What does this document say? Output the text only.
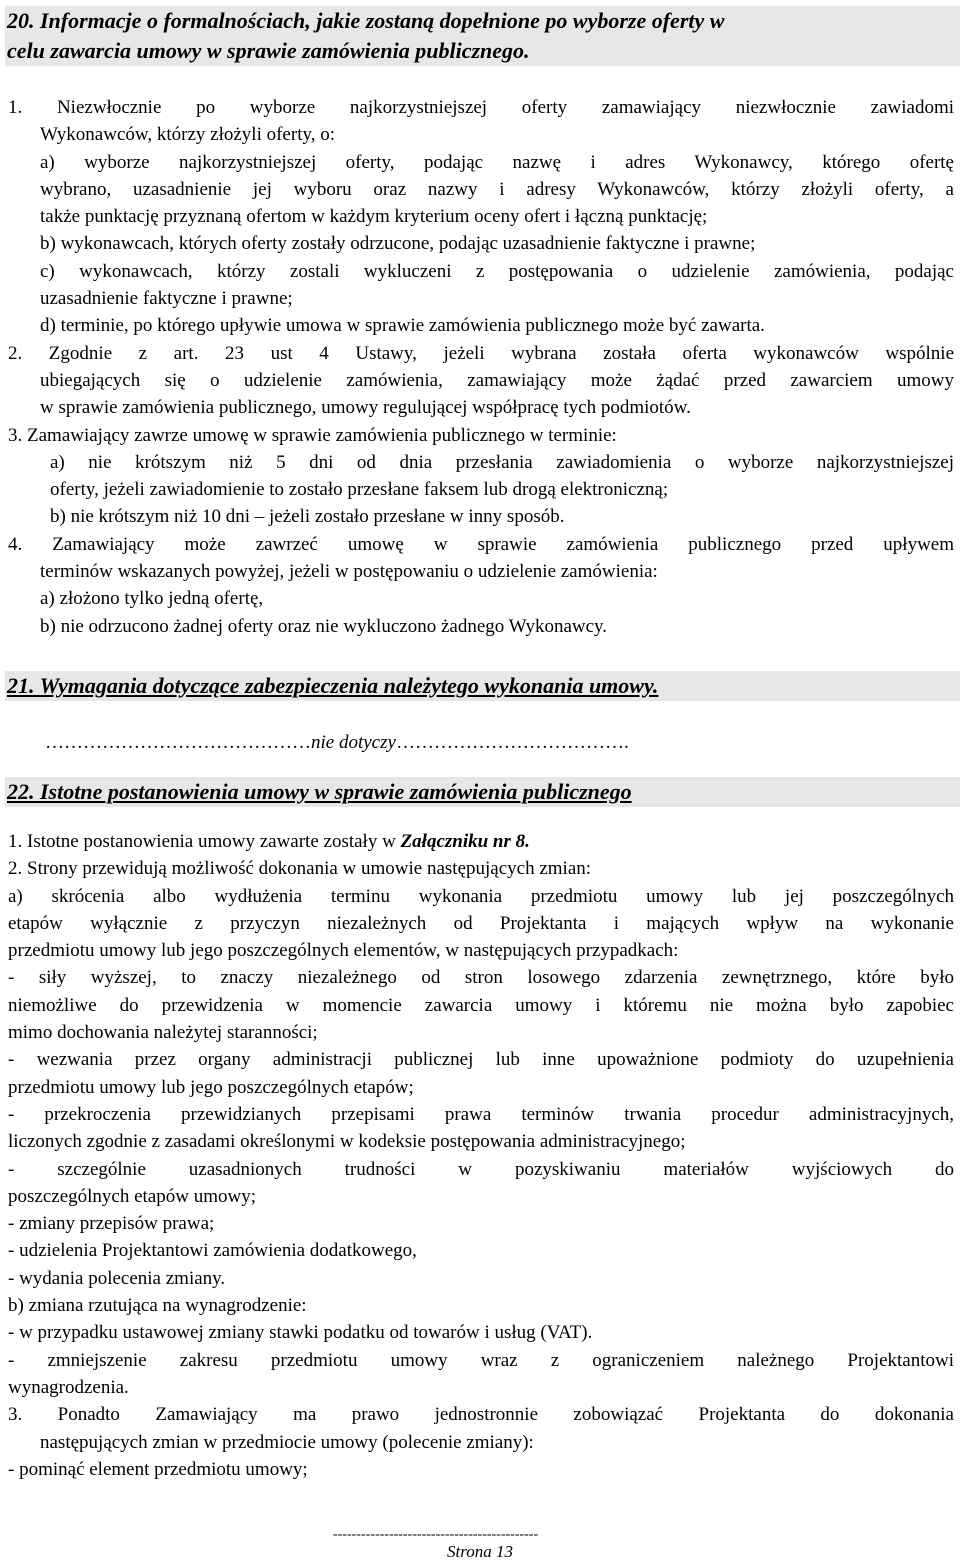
20. Informacje o formalnościach, jakie zostaną dopełnione po wyborze oferty w
celu zawarcia umowy w sprawie zamówienia publicznego.
1. Niezwłocznie po wyborze najkorzystniejszej oferty zamawiający niezwłocznie zawiadomi
Wykonawców, którzy złożyli oferty, o:
a) wyborze najkorzystniejszej oferty, podając nazwę i adres Wykonawcy, którego ofertę
wybrano, uzasadnienie jej wyboru oraz nazwy i adresy Wykonawców, którzy złożyli oferty, a
także punktację przyznaną ofertom w każdym kryterium oceny ofert i łączną punktację;
b) wykonawcach, których oferty zostały odrzucone, podając uzasadnienie faktyczne i prawne;
c) wykonawcach, którzy zostali wykluczeni z postępowania o udzielenie zamówienia, podając
uzasadnienie faktyczne i prawne;
d) terminie, po którego upływie umowa w sprawie zamówienia publicznego może być zawarta.
2. Zgodnie z art. 23 ust 4 Ustawy, jeżeli wybrana została oferta wykonawców wspólnie
ubiegających się o udzielenie zamówienia, zamawiający może żądać przed zawarciem umowy
w sprawie zamówienia publicznego, umowy regulującej współpracę tych podmiotów.
3. Zamawiający zawrze umowę w sprawie zamówienia publicznego w terminie:
a) nie krótszym niż 5 dni od dnia przesłania zawiadomienia o wyborze najkorzystniejszej
oferty, jeżeli zawiadomienie to zostało przesłane faksem lub drogą elektroniczną;
b) nie krótszym niż 10 dni – jeżeli zostało przesłane w inny sposób.
4. Zamawiający może zawrzeć umowę w sprawie zamówienia publicznego przed upływem
terminów wskazanych powyżej, jeżeli w postępowaniu o udzielenie zamówienia:
a) złożono tylko jedną ofertę,
b) nie odrzucono żadnej oferty oraz nie wykluczono żadnego Wykonawcy.
21. Wymagania dotyczące zabezpieczenia należytego wykonania umowy.
……………………………………nie dotyczy……………………………….
22. Istotne postanowienia umowy w sprawie zamówienia publicznego
1. Istotne postanowienia umowy zawarte zostały w Załączniku nr 8.
2. Strony przewidują możliwość dokonania w umowie następujących zmian:
a) skrócenia albo wydłużenia terminu wykonania przedmiotu umowy lub jej poszczególnych
etapów wyłącznie z przyczyn niezależnych od Projektanta i mających wpływ na wykonanie
przedmiotu umowy lub jego poszczególnych elementów, w następujących przypadkach:
- siły wyższej, to znaczy niezależnego od stron losowego zdarzenia zewnętrznego, które było
niemożliwe do przewidzenia w momencie zawarcia umowy i któremu nie można było zapobiec
mimo dochowania należytej staranności;
- wezwania przez organy administracji publicznej lub inne upoważnione podmioty do uzupełnienia
przedmiotu umowy lub jego poszczególnych etapów;
- przekroczenia przewidzianych przepisami prawa terminów trwania procedur administracyjnych,
liczonych zgodnie z zasadami określonymi w kodeksie postępowania administracyjnego;
- szczególnie uzasadnionych trudności w pozyskiwaniu materiałów wyjściowych do
poszczególnych etapów umowy;
- zmiany przepisów prawa;
- udzielenia Projektantowi zamówienia dodatkowego,
- wydania polecenia zmiany.
b) zmiana rzutująca na wynagrodzenie:
- w przypadku ustawowej zmiany stawki podatku od towarów i usług (VAT).
- zmniejszenie zakresu przedmiotu umowy wraz z ograniczeniem należnego Projektantowi
wynagrodzenia.
3. Ponadto Zamawiający ma prawo jednostronnie zobowiązać Projektanta do dokonania
następujących zmian w przedmiocie umowy (polecenie zmiany):
- pominąć element przedmiotu umowy;
--------------------------------------------
Strona 13
